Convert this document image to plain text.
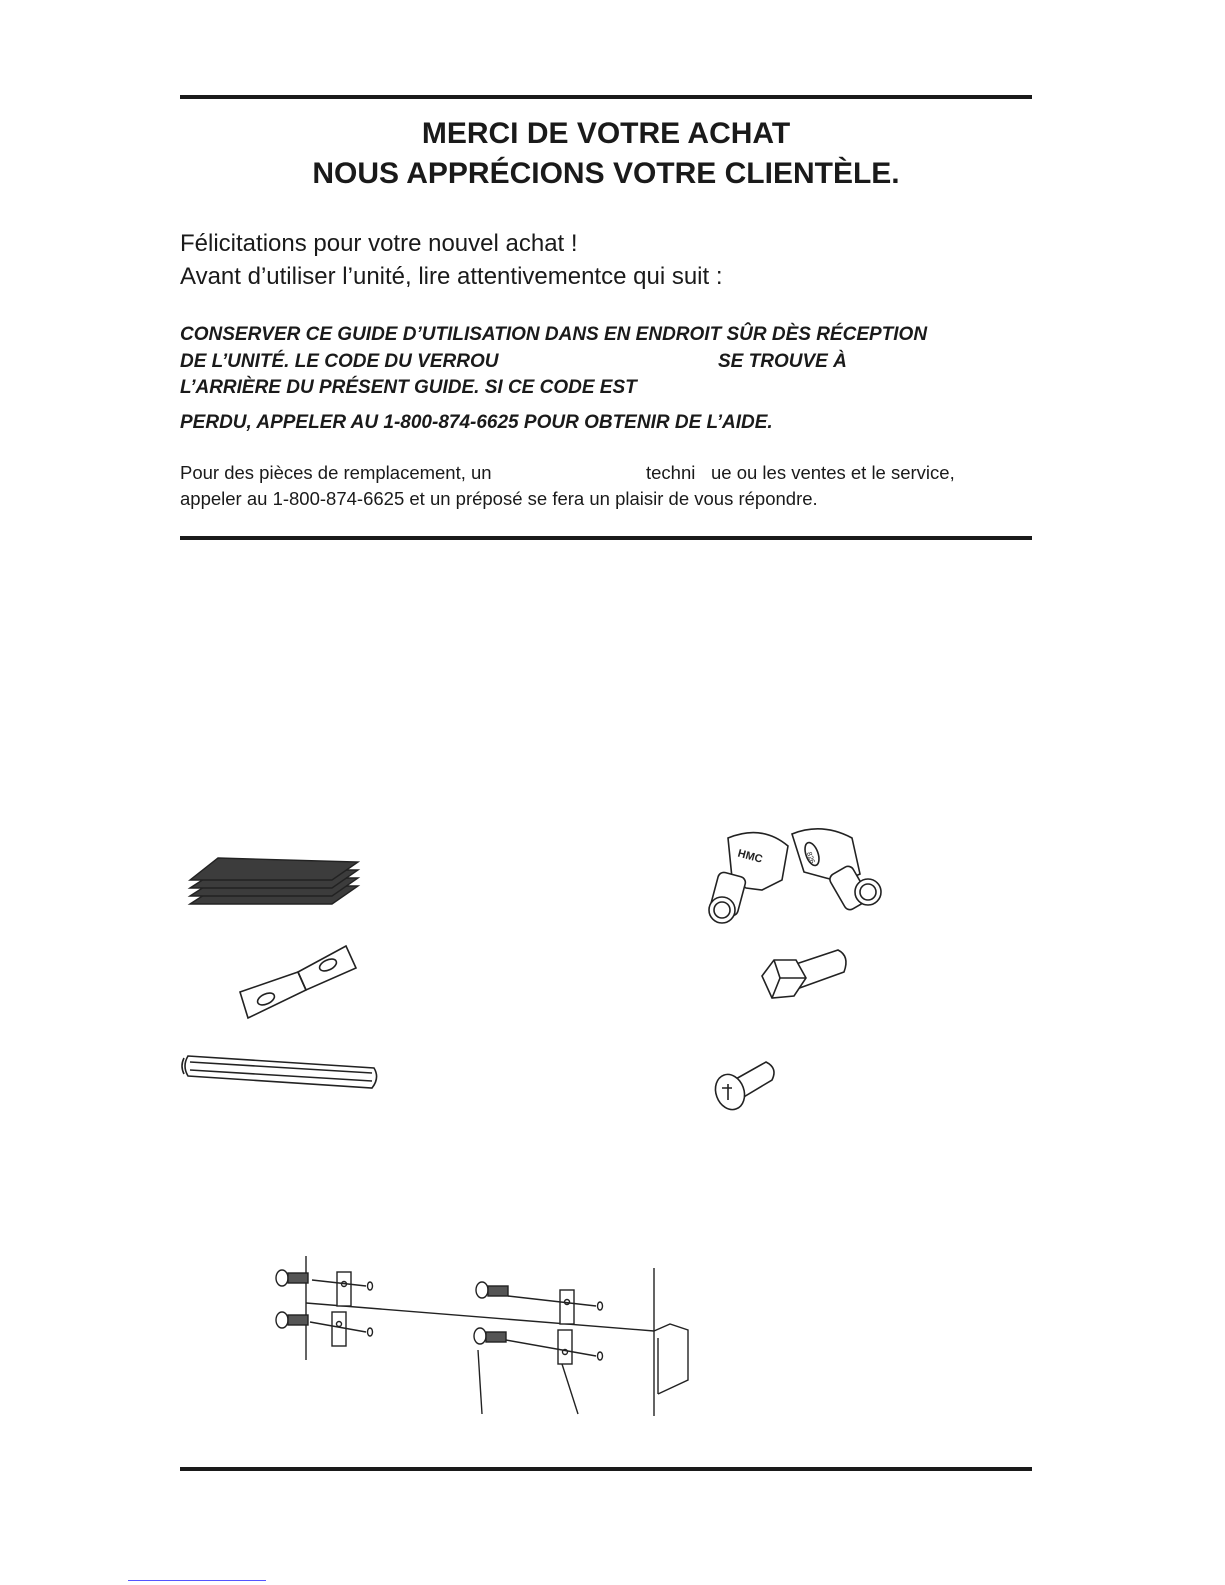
MERCI DE VOTRE ACHAT
NOUS APPRÉCIONS VOTRE CLIENTÈLE.
Félicitations pour votre nouvel achat !
Avant d’utiliser l’unité, lire attentivementce qui suit :
CONSERVER CE GUIDE D’UTILISATION DANS EN ENDROIT SÛR DÈS RÉCEPTION
DE L’UNITÉ. LE CODE DU VERROU	SE TROUVE À
L’ARRIÈRE DU PRÉSENT GUIDE. SI CE CODE EST
PERDU, APPELER AU 1-800-874-6625 POUR OBTENIR DE L’AIDE.
Pour des pièces de remplacement, un	techni ue ou les ventes et le service,
appeler au 1-800-874-6625 et un préposé se fera un plaisir de vous répondre.
HMC	826
